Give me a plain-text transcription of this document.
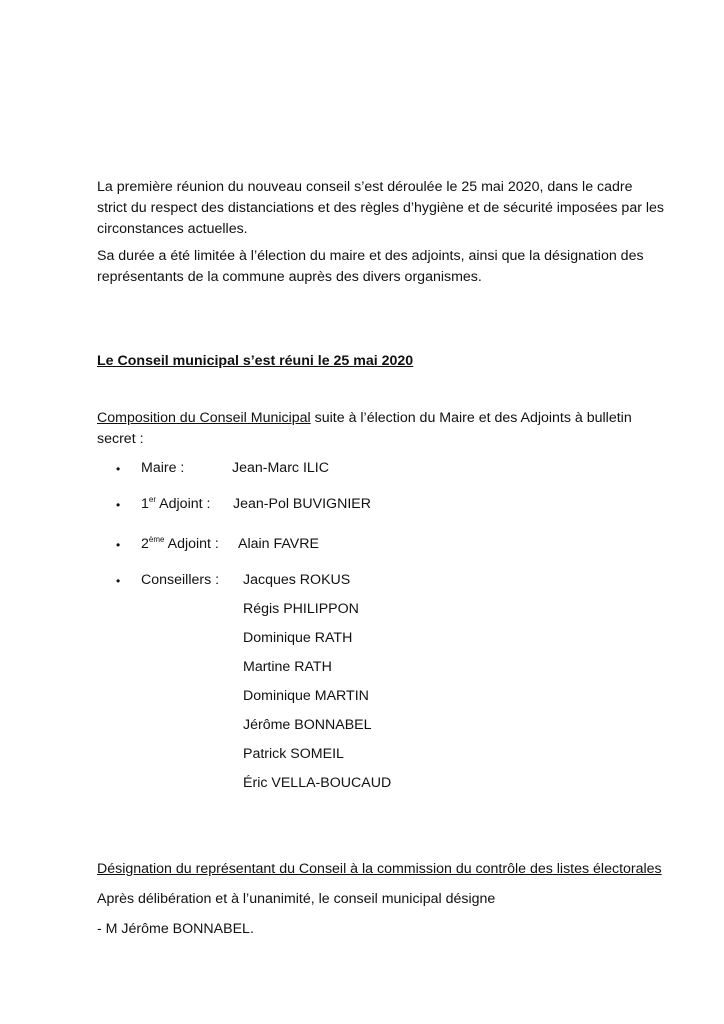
La première réunion du nouveau conseil s’est déroulée le 25 mai 2020, dans le cadre
strict du respect des distanciations et des règles d’hygiène et de sécurité imposées par les
circonstances actuelles.
Sa durée a été limitée à l’élection du maire et des adjoints, ainsi que la désignation des
représentants de la commune auprès des divers organismes.
Le Conseil municipal s’est réuni le 25 mai 2020
Composition du Conseil Municipal suite à l’élection du Maire et des Adjoints à bulletin
secret :
• Maire :	Jean-Marc ILIC
• 1er Adjoint : Jean-Pol BUVIGNIER
• 2ème Adjoint : Alain FAVRE
• Conseillers : Jacques ROKUS
Régis PHILIPPON
Dominique RATH
Martine RATH
Dominique MARTIN
Jérôme BONNABEL
Patrick SOMEIL
Éric VELLA-BOUCAUD
Désignation du représentant du Conseil à la commission du contrôle des listes électorales
Après délibération et à l’unanimité, le conseil municipal désigne
- M Jérôme BONNABEL.
